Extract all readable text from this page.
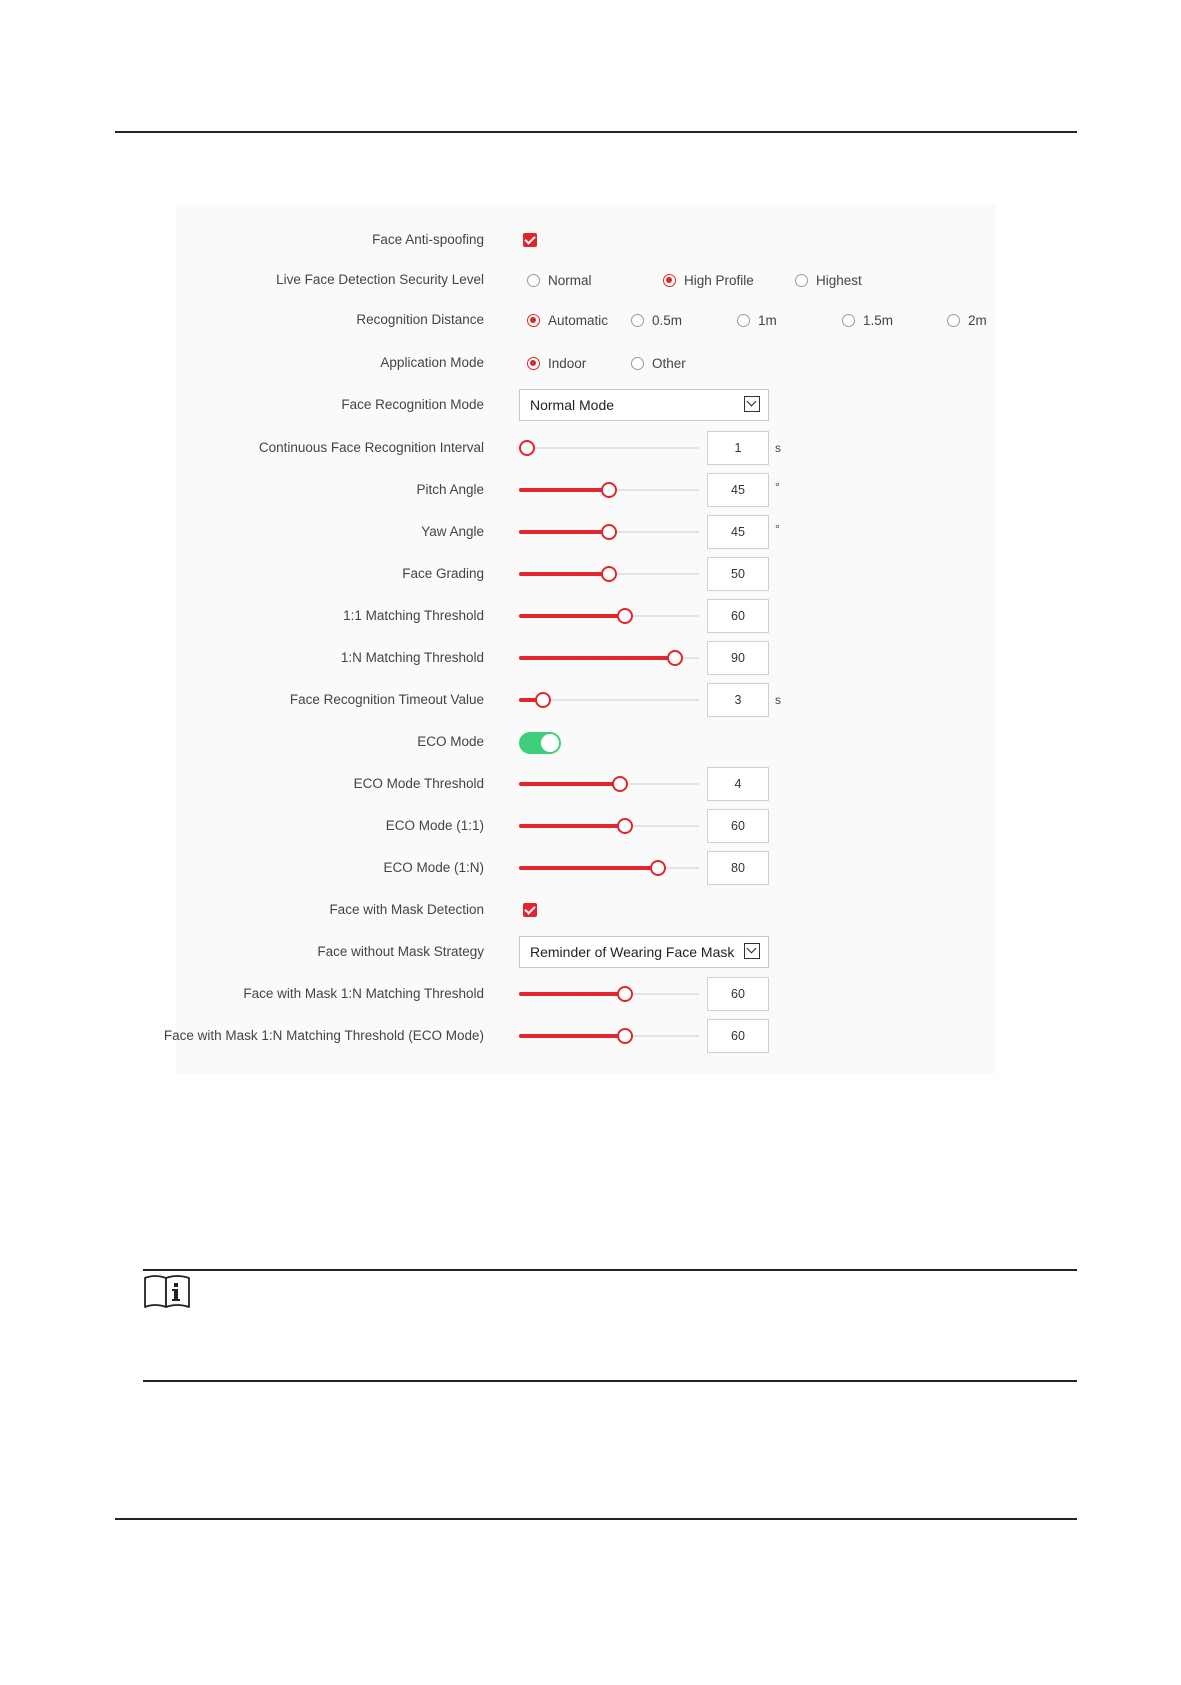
Face Anti-spoofing
Live Face Detection Security Level	Normal	High Profile	Highest
Recognition Distance	Automatic	0.5m	1m	1.5m	2m
Application Mode	Indoor	Other
Face Recognition Mode	Normal Mode
Continuous Face Recognition Interval	1	s
Pitch Angle	45	°
Yaw Angle	45	°
Face Grading	50
1:1 Matching Threshold	60
1:N Matching Threshold	90
Face Recognition Timeout Value	3	s
ECO Mode
ECO Mode Threshold	4
ECO Mode (1:1)	60
ECO Mode (1:N)	80
Face with Mask Detection
Face without Mask Strategy	Reminder of Wearing Face Mask
Face with Mask 1:N Matching Threshold	60
Face with Mask 1:N Matching Threshold (ECO Mode)	60
